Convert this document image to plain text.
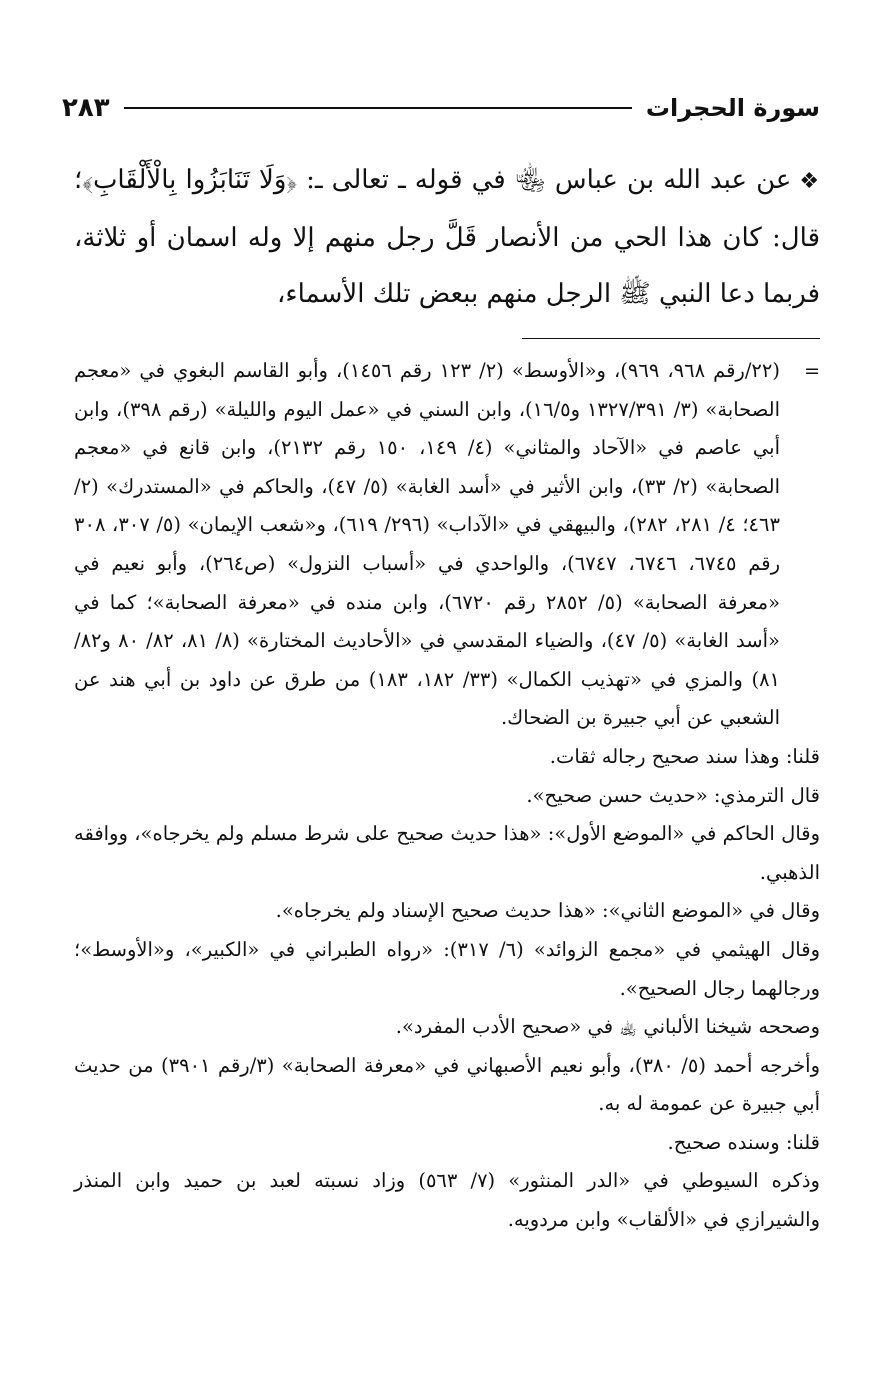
سورة الحجرات
٢٨٣

❖عن عبد الله بن عباس ﵄ في قوله ـ تعالى ـ: ﴿وَلَا تَنَابَزُوا بِالْأَلْقَابِ﴾؛ قال: كان هذا الحي من الأنصار قَلَّ رجل منهم إلا وله اسمان أو ثلاثة، فربما دعا النبي ﷺ الرجل منهم ببعض تلك الأسماء،

=
(٢٢/رقم ٩٦٨، ٩٦٩)، و«الأوسط» (٢/ ١٢٣ رقم ١٤٥٦)، وأبو القاسم البغوي في «معجم الصحابة» (٣/ ١٣٢٧/٣٩١ و١٦/٥)، وابن السني في «عمل اليوم والليلة» (رقم ٣٩٨)، وابن أبي عاصم في «الآحاد والمثاني» (٤/ ١٤٩، ١٥٠ رقم ٢١٣٢)، وابن قانع في «معجم الصحابة» (٢/ ٣٣)، وابن الأثير في «أسد الغابة» (٥/ ٤٧)، والحاكم في «المستدرك» (٢/ ٤٦٣؛ ٤/ ٢٨١، ٢٨٢)، والبيهقي في «الآداب» (٢٩٦/ ٦١٩)، و«شعب الإيمان» (٥/ ٣٠٧، ٣٠٨ رقم ٦٧٤٥، ٦٧٤٦، ٦٧٤٧)، والواحدي في «أسباب النزول» (ص٢٦٤)، وأبو نعيم في «معرفة الصحابة» (٥/ ٢٨٥٢ رقم ٦٧٢٠)، وابن منده في «معرفة الصحابة»؛ كما في «أسد الغابة» (٥/ ٤٧)، والضياء المقدسي في «الأحاديث المختارة» (٨/ ٨١، ٨٢/ ٨٠ و٨٢/ ٨١) والمزي في «تهذيب الكمال» (٣٣/ ١٨٢، ١٨٣) من طرق عن داود بن أبي هند عن الشعبي عن أبي جبيرة بن الضحاك.

قلنا: وهذا سند صحيح رجاله ثقات.

قال الترمذي: «حديث حسن صحيح».

وقال الحاكم في «الموضع الأول»: «هذا حديث صحيح على شرط مسلم ولم يخرجاه»، ووافقه الذهبي.

وقال في «الموضع الثاني»: «هذا حديث صحيح الإسناد ولم يخرجاه».

وقال الهيثمي في «مجمع الزوائد» (٦/ ٣١٧): «رواه الطبراني في «الكبير»، و«الأوسط»؛ ورجالهما رجال الصحيح».

وصححه شيخنا الألباني ﵀ في «صحيح الأدب المفرد».

وأخرجه أحمد (٥/ ٣٨٠)، وأبو نعيم الأصبهاني في «معرفة الصحابة» (٣/رقم ٣٩٠١) من حديث أبي جبيرة عن عمومة له به.

قلنا: وسنده صحيح.

وذكره السيوطي في «الدر المنثور» (٧/ ٥٦٣) وزاد نسبته لعبد بن حميد وابن المنذر والشيرازي في «الألقاب» وابن مردويه.
